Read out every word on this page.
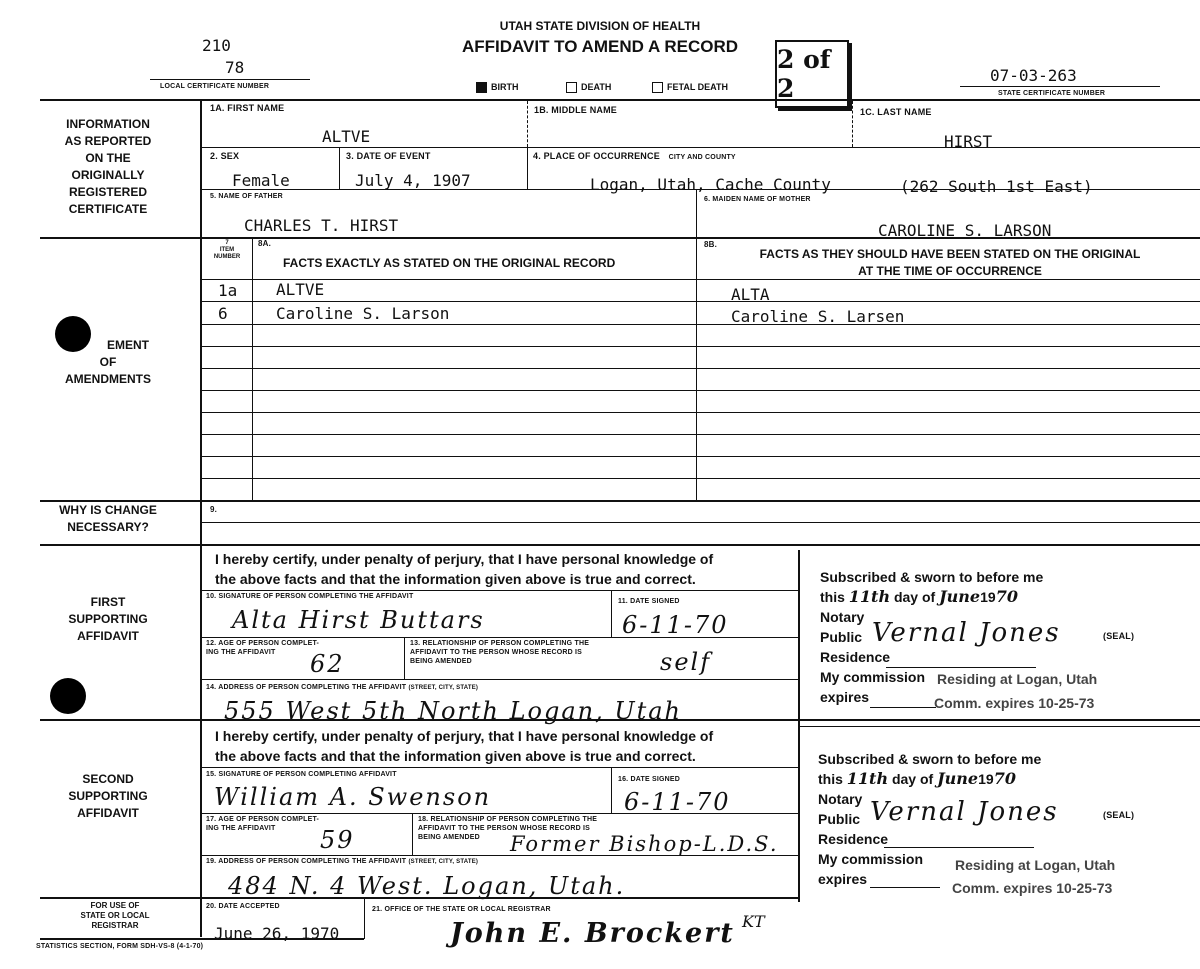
210
78
LOCAL CERTIFICATE NUMBER
UTAH STATE DIVISION OF HEALTH
AFFIDAVIT TO AMEND A RECORD
BIRTH	DEATH	FETAL DEATH
2 of 2	07-03-263
STATE CERTIFICATE NUMBER
INFORMATION
AS REPORTED
ON THE
ORIGINALLY
REGISTERED
CERTIFICATE
1A. FIRST NAME
ALTVE
1B. MIDDLE NAME	1C. LAST NAME
HIRST
2. SEX
Female
3. DATE OF EVENT
July 4, 1907
4. PLACE OF OCCURRENCE CITY AND COUNTY
Logan, Utah, Cache County	(262 South 1st East)
5. NAME OF FATHER
CHARLES T. HIRST
6. MAIDEN NAME OF MOTHER
CAROLINE S. LARSON
EMENT
OF
AMENDMENTS
7
ITEM
NUMBER
8A.
FACTS EXACTLY AS STATED ON THE ORIGINAL RECORD
8B.
FACTS AS THEY SHOULD HAVE BEEN STATED ON THE ORIGINAL
AT THE TIME OF OCCURRENCE
1a ALTVE	ALTA
6	Caroline S. Larson	Caroline S. Larsen
WHY IS CHANGE
NECESSARY?
9.
FIRST
SUPPORTING
AFFIDAVIT
I hereby certify, under penalty of perjury, that I have personal knowledge of
the above facts and that the information given above is true and correct.
10. SIGNATURE OF PERSON COMPLETING THE AFFIDAVIT
Alta Hirst Buttars
11. DATE SIGNED
6-11-70
12. AGE OF PERSON COMPLET-
ING THE AFFIDAVIT	62
13. RELATIONSHIP OF PERSON COMPLETING THE
AFFIDAVIT TO THE PERSON WHOSE RECORD IS
BEING AMENDED	self
14. ADDRESS OF PERSON COMPLETING THE AFFIDAVIT (STREET, CITY, STATE)
555 West 5th North Logan, Utah
Subscribed & sworn to before me
this 11th day of June1970
Notary
Public
Residence
My commission
expires
Vernal Jones	(SEAL)
Residing at Logan, Utah
Comm. expires 10-25-73
SECOND
SUPPORTING
AFFIDAVIT
I hereby certify, under penalty of perjury, that I have personal knowledge of
the above facts and that the information given above is true and correct.
15. SIGNATURE OF PERSON COMPLETING AFFIDAVIT
William A. Swenson
16. DATE SIGNED
6-11-70
17. AGE OF PERSON COMPLET-
ING THE AFFIDAVIT	59
18. RELATIONSHIP OF PERSON COMPLETING THE
AFFIDAVIT TO THE PERSON WHOSE RECORD IS
BEING AMENDED	Former Bishop-L.D.S.
19. ADDRESS OF PERSON COMPLETING THE AFFIDAVIT (STREET, CITY, STATE)
484 N. 4 West. Logan, Utah.
Subscribed & sworn to before me
this 11th day of June1970
Notary
Public
Residence
My commission
expires
Vernal Jones	(SEAL)
Residing at Logan, Utah
Comm. expires 10-25-73
FOR USE OF
STATE OR LOCAL
REGISTRAR
20. DATE ACCEPTED
June 26, 1970
21. OFFICE OF THE STATE OR LOCAL REGISTRAR
John E. Brockert KT
STATISTICS SECTION, FORM SDH-VS-8 (4-1-70)
